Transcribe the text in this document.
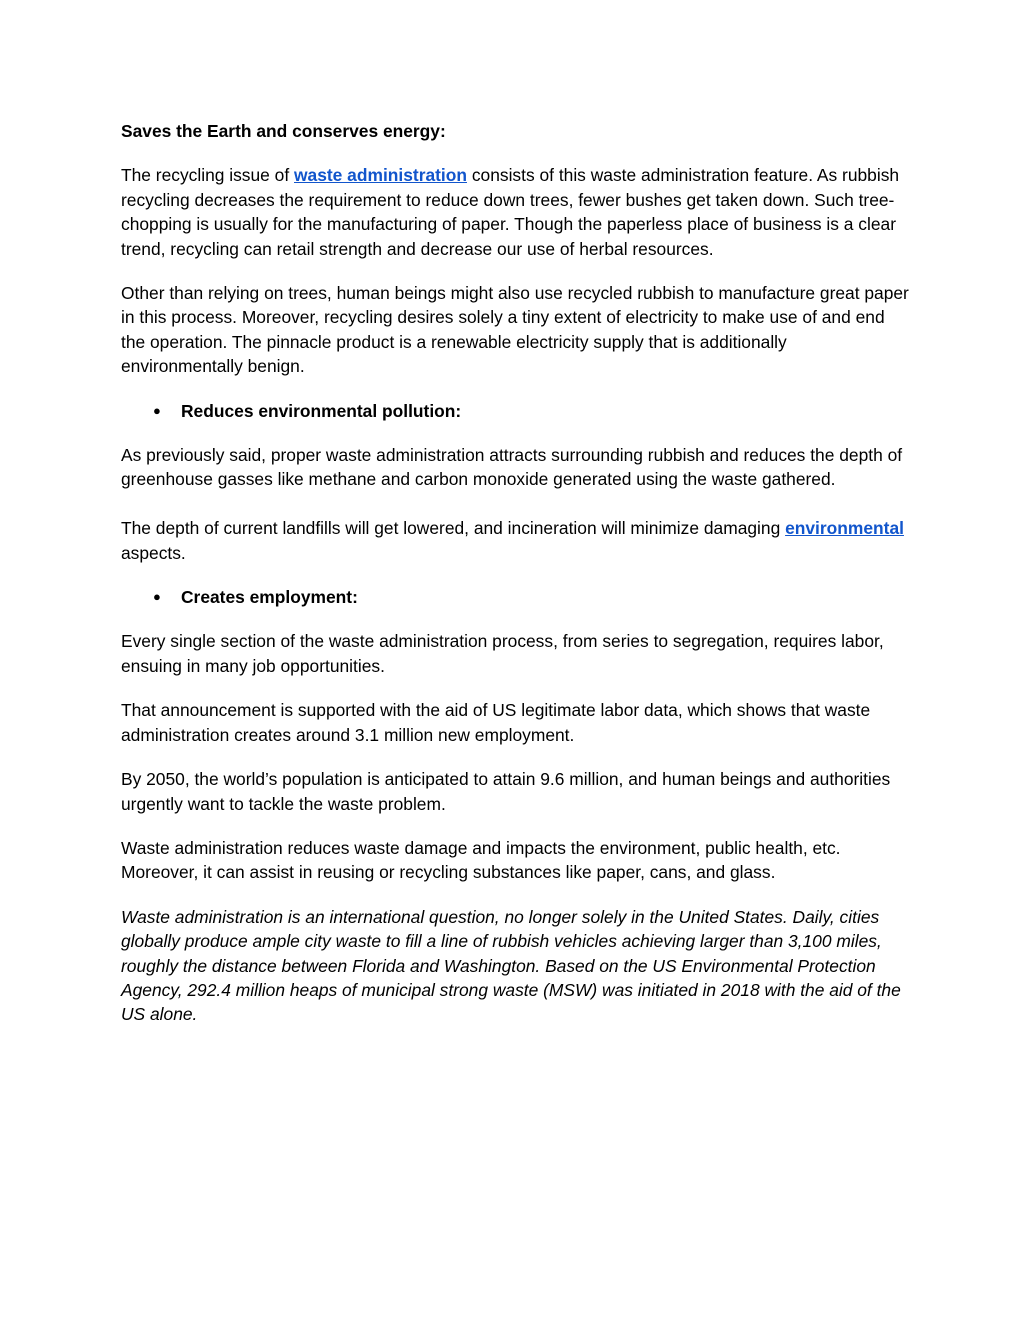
Saves the Earth and conserves energy:

The recycling issue of waste administration consists of this waste administration feature. As rubbish recycling decreases the requirement to reduce down trees, fewer bushes get taken down. Such tree-chopping is usually for the manufacturing of paper. Though the paperless place of business is a clear trend, recycling can retail strength and decrease our use of herbal resources.

Other than relying on trees, human beings might also use recycled rubbish to manufacture great paper in this process. Moreover, recycling desires solely a tiny extent of electricity to make use of and end the operation. The pinnacle product is a renewable electricity supply that is additionally environmentally benign.

● Reduces environmental pollution:

As previously said, proper waste administration attracts surrounding rubbish and reduces the depth of greenhouse gasses like methane and carbon monoxide generated using the waste gathered.

The depth of current landfills will get lowered, and incineration will minimize damaging environmental aspects.

● Creates employment:

Every single section of the waste administration process, from series to segregation, requires labor, ensuing in many job opportunities.

That announcement is supported with the aid of US legitimate labor data, which shows that waste administration creates around 3.1 million new employment.

By 2050, the world’s population is anticipated to attain 9.6 million, and human beings and authorities urgently want to tackle the waste problem.

Waste administration reduces waste damage and impacts the environment, public health, etc. Moreover, it can assist in reusing or recycling substances like paper, cans, and glass.

Waste administration is an international question, no longer solely in the United States. Daily, cities globally produce ample city waste to fill a line of rubbish vehicles achieving larger than 3,100 miles, roughly the distance between Florida and Washington. Based on the US Environmental Protection Agency, 292.4 million heaps of municipal strong waste (MSW) was initiated in 2018 with the aid of the US alone.
